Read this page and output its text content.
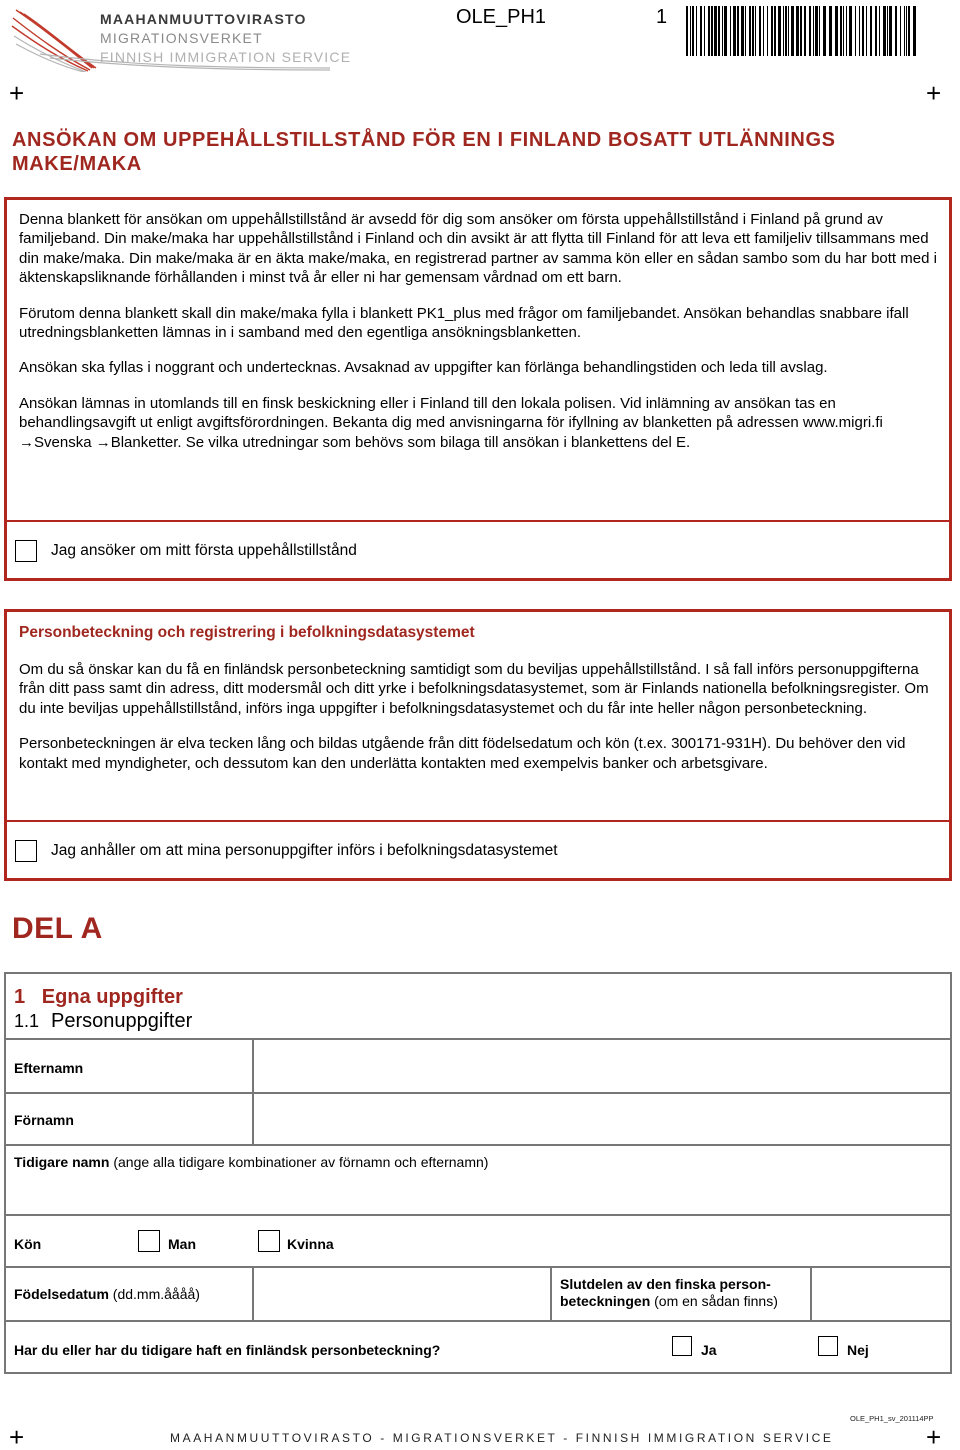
MAAHANMUUTTOVIRASTO
MIGRATIONSVERKET
FINNISH IMMIGRATION SERVICE
OLE_PH1	1
+	+
ANSÖKAN OM UPPEHÅLLSTILLSTÅND FÖR EN I FINLAND BOSATT UTLÄNNINGS MAKE/MAKA

Denna blankett för ansökan om uppehållstillstånd är avsedd för dig som ansöker om första uppehållstillstånd i Finland på grund av familjeband. Din make/maka har uppehållstillstånd i Finland och din avsikt är att flytta till Finland för att leva ett familjeliv tillsammans med din make/maka. Din make/maka är en äkta make/maka, en registrerad partner av samma kön eller en sådan sambo som du har bott med i äktenskapsliknande förhållanden i minst två år eller ni har gemensam vårdnad om ett barn.

Förutom denna blankett skall din make/maka fylla i blankett PK1_plus med frågor om familjebandet. Ansökan behandlas snabbare ifall utredningsblanketten lämnas in i samband med den egentliga ansökningsblanketten.

Ansökan ska fyllas i noggrant och undertecknas. Avsaknad av uppgifter kan förlänga behandlingstiden och leda till avslag.

Ansökan lämnas in utomlands till en finsk beskickning eller i Finland till den lokala polisen. Vid inlämning av ansökan tas en behandlingsavgift ut enligt avgiftsförordningen. Bekanta dig med anvisningarna för ifyllning av blanketten på adressen www.migri.fi →Svenska →Blanketter. Se vilka utredningar som behövs som bilaga till ansökan i blankettens del E.

Jag ansöker om mitt första uppehållstillstånd
Personbeteckning och registrering i befolkningsdatasystemet

Om du så önskar kan du få en finländsk personbeteckning samtidigt som du beviljas uppehållstillstånd. I så fall införs personuppgifterna från ditt pass samt din adress, ditt modersmål och ditt yrke i befolkningsdatasystemet, som är Finlands nationella befolkningsregister. Om du inte beviljas uppehållstillstånd, införs inga uppgifter i befolkningsdatasystemet och du får inte heller någon personbeteckning.

Personbeteckningen är elva tecken lång och bildas utgående från ditt födelsedatum och kön (t.ex. 300171-931H). Du behöver den vid kontakt med myndigheter, och dessutom kan den underlätta kontakten med exempelvis banker och arbetsgivare.

Jag anhåller om att mina personuppgifter införs i befolkningsdatasystemet
DEL A
1 Egna uppgifter
1.1 Personuppgifter
Efternamn
Förnamn
Tidigare namn (ange alla tidigare kombinationer av förnamn och efternamn)
Kön	Man	Kvinna
Födelsedatum (dd.mm.åååå)
Slutdelen av den finska person-
beteckningen (om en sådan finns)
Har du eller har du tidigare haft en finländsk personbeteckning?	Ja	Nej
+	+
OLE_PH1_sv_201114PP
MAAHANMUUTTOVIRASTO - MIGRATIONSVERKET - FINNISH IMMIGRATION SERVICE
